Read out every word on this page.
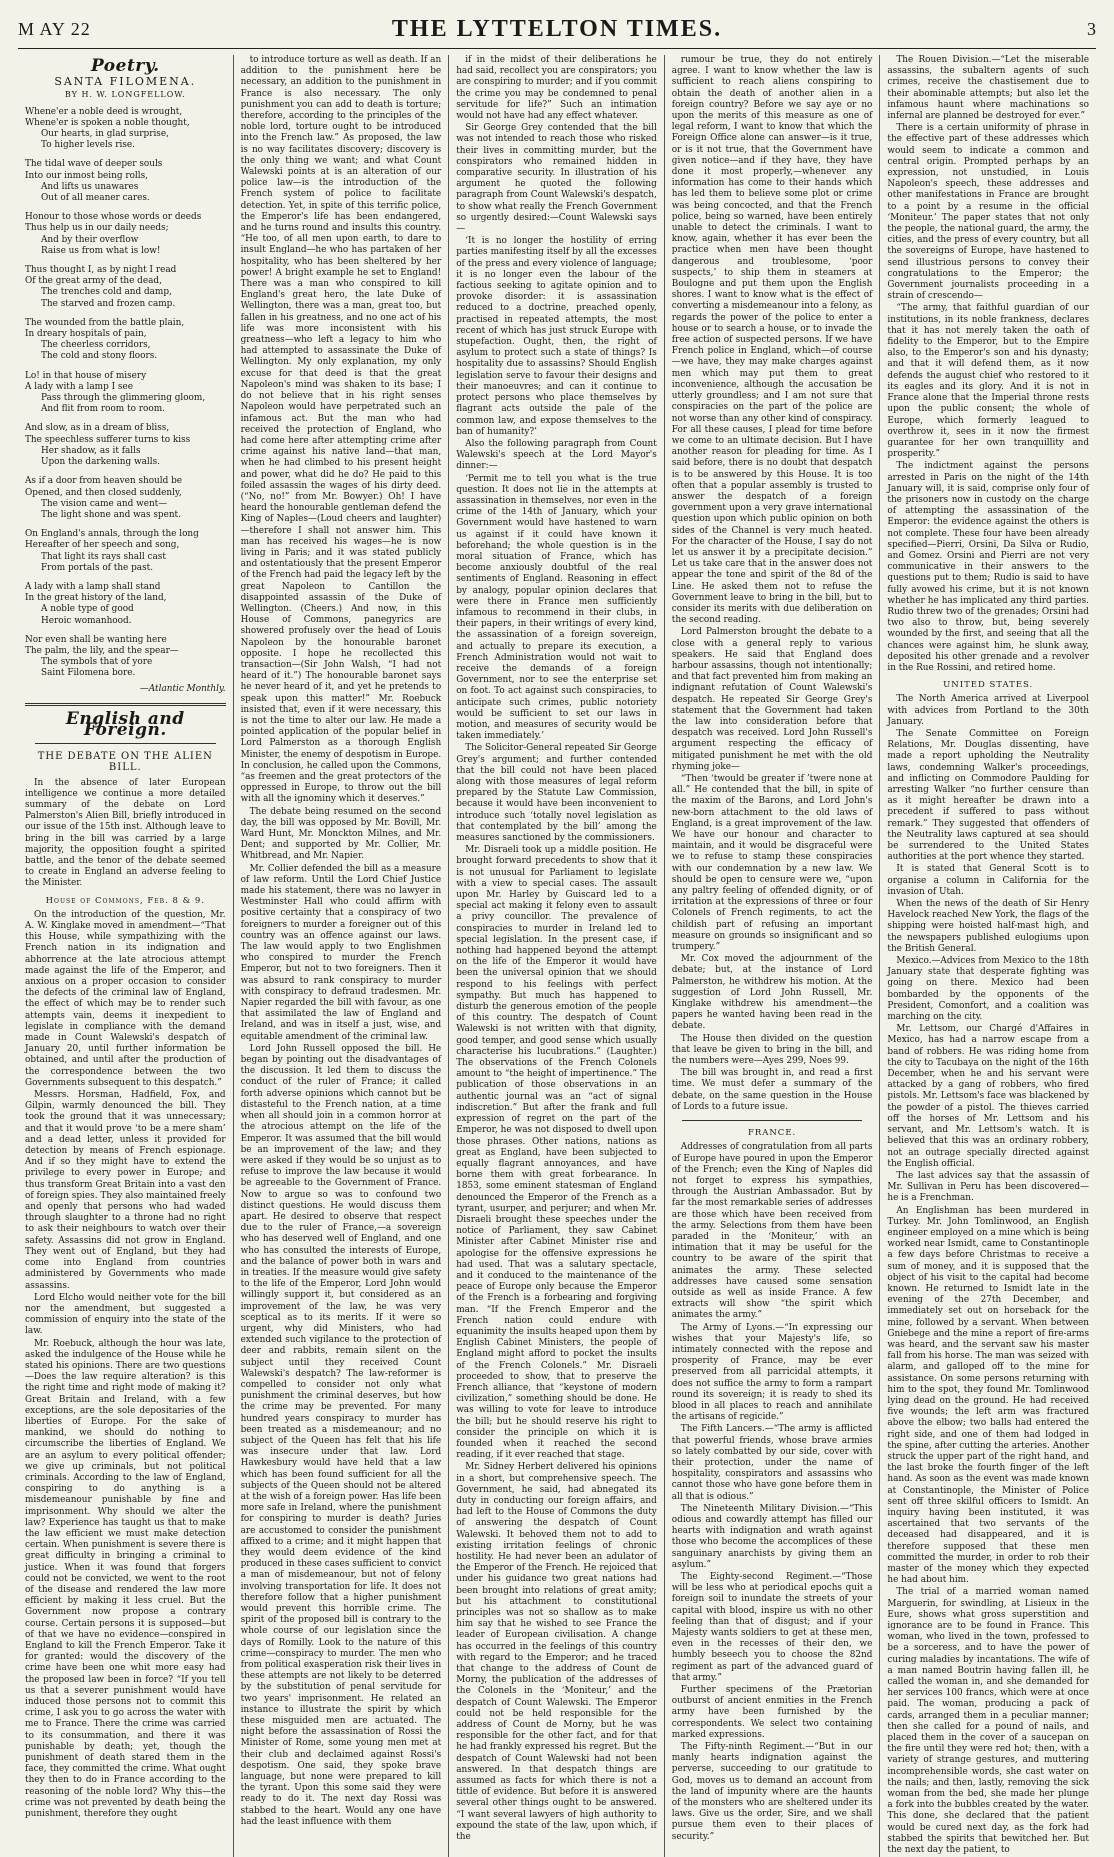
M AY 22	THE LYTTELTON TIMES.	3
Poetry.
SANTA FILOMENA.
BY H. W. LONGFELLOW.
Whene'er a noble deed is wrought,
Whene'er is spoken a noble thought,
Our hearts, in glad surprise,
To higher levels rise.
The tidal wave of deeper souls
Into our inmost being rolls,
And lifts us unawares
Out of all meaner cares.
Honour to those whose words or deeds
Thus help us in our daily needs;
And by their overflow
Raise us from what is low!
Thus thought I, as by night I read
Of the great army of the dead,
The trenches cold and damp,
The starved and frozen camp.
The wounded from the battle plain,
In dreary hospitals of pain,
The cheerless corridors,
The cold and stony floors.
Lo! in that house of misery
A lady with a lamp I see
Pass through the glimmering gloom,
And flit from room to room.
And slow, as in a dream of bliss,
The speechless sufferer turns to kiss
Her shadow, as it falls
Upon the darkening walls.
As if a door from heaven should be
Opened, and then closed suddenly,
The vision came and went—
The light shone and was spent.
On England's annals, through the long
Hereafter of her speech and song,
That light its rays shall cast
From portals of the past.
A lady with a lamp shall stand
In the great history of the land,
A noble type of good
Heroic womanhood.
Nor even shall be wanting here
The palm, the lily, and the spear—
The symbols that of yore
Saint Filomena bore.
—Atlantic Monthly.
English and Foreign.
THE DEBATE ON THE ALIEN BILL.

In the absence of later European intelligence we continue a more detailed summary of the debate on Lord Palmerston's Alien Bill, briefly introduced in our issue of the 15th inst. Although leave to bring in the bill was carried by a large majority, the opposition fought a spirited battle, and the tenor of the debate seemed to create in England an adverse feeling to the Minister.

House of Commons, Feb. 8 & 9.

On the introduction of the question, Mr. A. W. Kinglake moved in amendment—“That this House, while sympathizing with the French nation in its indignation and abhorrence at the late atrocious attempt made against the life of the Emperor, and anxious on a proper occasion to consider the defects of the criminal law of England, the effect of which may be to render such attempts vain, deems it inexpedient to legislate in compliance with the demand made in Count Walewski's despatch of January 20, until further information be obtained, and until after the production of the correspondence between the two Governments subsequent to this despatch.”

Messrs. Horsman, Hadfield, Fox, and Gilpin, warmly denounced the bill. They took the ground that it was unnecessary; and that it would prove ‘to be a mere sham’ and a dead letter, unless it provided for detection by means of French espionage. And if so they might have to extend the privilege to every power in Europe; and thus transform Great Britain into a vast den of foreign spies. They also maintained freely and openly that persons who had waded through slaughter to a throne had no right to ask their neighbours to watch over their safety. Assassins did not grow in England. They went out of England, but they had come into England from countries administered by Governments who made assassins.

Lord Elcho would neither vote for the bill nor the amendment, but suggested a commission of enquiry into the state of the law.

Mr. Roebuck, although the hour was late, asked the indulgence of the House while he stated his opinions. There are two questions—Does the law require alteration? is this the right time and right mode of making it? Great Britain and Ireland, with a few exceptions, are the sole depositaries of the liberties of Europe. For the sake of mankind, we should do nothing to circumscribe the liberties of England. We are an asylum to every political offender; we give up criminals, but not political criminals. According to the law of England, conspiring to do anything is a misdemeanour punishable by fine and imprisonment. Why should we alter the law? Experience has taught us that to make the law efficient we must make detection certain. When punishment is severe there is great difficulty in bringing a criminal to justice. When it was found that forgers could not be convicted, we went to the root of the disease and rendered the law more efficient by making it less cruel. But the Government now propose a contrary course. Certain persons it is supposed—but of that we have no evidence—conspired in England to kill the French Emperor. Take it for granted: would the discovery of the crime have been one whit more easy had the proposed law been in force? “If you tell us that a severer punishment would have induced those persons not to commit this crime, I ask you to go across the water with me to France. There the crime was carried to its consummation, and there it was punishable by death; yet, though the punishment of death stared them in the face, they committed the crime. What ought they then to do in France according to the reasoning of the noble lord? Why this—the crime was not prevented by death being the punishment, therefore they ought

to introduce torture as well as death. If an addition to the punishment here be necessary, an addition to the punishment in France is also necessary. The only punishment you can add to death is torture; therefore, according to the principles of the noble lord, torture ought to be introduced into the French law.” As proposed, the law is no way facilitates discovery; discovery is the only thing we want; and what Count Walewski points at is an alteration of our police law—is the introduction of the French system of police to facilitate detection. Yet, in spite of this terrific police, the Emperor's life has been endangered, and he turns round and insults this country. “He too, of all men upon earth, to dare to insult England—he who has partaken of her hospitality, who has been sheltered by her power! A bright example he set to England! There was a man who conspired to kill England's great hero, the late Duke of Wellington, there was a man, great too, but fallen in his greatness, and no one act of his life was more inconsistent with his greatness—who left a legacy to him who had attempted to assassinate the Duke of Wellington. My only explanation, my only excuse for that deed is that the great Napoleon's mind was shaken to its base; I do not believe that in his right senses Napoleon would have perpetrated such an infamous act. But the man who had received the protection of England, who had come here after attempting crime after crime against his native land—that man, when he had climbed to his present height and power, what did he do? He paid to this foiled assassin the wages of his dirty deed. (“No, no!” from Mr. Bowyer.) Oh! I have heard the honourable gentleman defend the King of Naples—(Loud cheers and laughter)—therefore I shall not answer him. This man has received his wages—he is now living in Paris; and it was stated publicly and ostentatiously that the present Emperor of the French had paid the legacy left by the great Napoleon to Cantillon the disappointed assassin of the Duke of Wellington. (Cheers.) And now, in this House of Commons, panegyrics are showered profusely over the head of Louis Napoleon by the honourable baronet opposite. I hope he recollected this transaction—(Sir John Walsh, “I had not heard of it.”) The honourable baronet says he never heard of it, and yet he pretends to speak upon this matter!” Mr. Roebuck insisted that, even if it were necessary, this is not the time to alter our law. He made a pointed application of the popular belief in Lord Palmerston as a thorough English Minister, the enemy of despotism in Europe. In conclusion, he called upon the Commons, “as freemen and the great protectors of the oppressed in Europe, to throw out the bill with all the ignominy which it deserves.”

The debate being resumed on the second day, the bill was opposed by Mr. Bovill, Mr. Ward Hunt, Mr. Monckton Milnes, and Mr. Dent; and supported by Mr. Collier, Mr. Whitbread, and Mr. Napier.

Mr. Collier defended the bill as a measure of law reform. Until the Lord Chief Justice made his statement, there was no lawyer in Westminster Hall who could affirm with positive certainty that a conspiracy of two foreigners to murder a foreigner out of this country was an offence against our laws. The law would apply to two Englishmen who conspired to murder the French Emperor, but not to two foreigners. Then it was absurd to rank conspiracy to murder with conspiracy to defraud tradesmen. Mr. Napier regarded the bill with favour, as one that assimilated the law of England and Ireland, and was in itself a just, wise, and equitable amendment of the criminal law.

Lord John Russell opposed the bill. He began by pointing out the disadvantages of the discussion. It led them to discuss the conduct of the ruler of France; it called forth adverse opinions which cannot but be distasteful to the French nation, at a time when all should join in a common horror at the atrocious attempt on the life of the Emperor. It was assumed that the bill would be an improvement of the law; and they were asked if they would be so unjust as to refuse to improve the law because it would be agreeable to the Government of France. Now to argue so was to confound two distinct questions. He would discuss them apart. He desired to observe that respect due to the ruler of France,—a sovereign who has deserved well of England, and one who has consulted the interests of Europe, and the balance of power both in wars and in treaties. If the measure would give safety to the life of the Emperor, Lord John would willingly support it, but considered as an improvement of the law, he was very sceptical as to its merits. If it were so urgent, why did Ministers, who had extended such vigilance to the protection of deer and rabbits, remain silent on the subject until they received Count Walewski's despatch? The law-reformer is compelled to consider not only what punishment the criminal deserves, but how the crime may be prevented. For many hundred years conspiracy to murder has been treated as a misdemeanour; and no subject of the Queen has felt that his life was insecure under that law. Lord Hawkesbury would have held that a law which has been found sufficient for all the subjects of the Queen should not be altered at the wish of a foreign power. Has life been more safe in Ireland, where the punishment for conspiring to murder is death? Juries are accustomed to consider the punishment affixed to a crime; and it might happen that they would deem evidence of the kind produced in these cases sufficient to convict a man of misdemeanour, but not of felony involving transportation for life. It does not therefore follow that a higher punishment would prevent this horrible crime. The spirit of the proposed bill is contrary to the whole course of our legislation since the days of Romilly. Look to the nature of this crime—conspiracy to murder. The men who from political exasperation risk their lives in these attempts are not likely to be deterred by the substitution of penal servitude for two years' imprisonment. He related an instance to illustrate the spirit by which these misguided men are actuated. The night before the assassination of Rossi the Minister of Rome, some young men met at their club and declaimed against Rossi's despotism. One said, they spoke brave language, but none were prepared to kill the tyrant. Upon this some said they were ready to do it. The next day Rossi was stabbed to the heart. Would any one have had the least influence with them

if in the midst of their deliberations he had said, recollect you are conspirators; you are conspiring to murder; and if you commit the crime you may be condemned to penal servitude for life?” Such an intimation would not have had any effect whatever.

Sir George Grey contended that the bill was not intended to reach those who risked their lives in committing murder, but the conspirators who remained hidden in comparative security. In illustration of his argument he quoted the following paragraph from Count Walewski's despatch, to show what really the French Government so urgently desired:—Count Walewski says—

‘It is no longer the hostility of erring parties manifesting itself by all the excesses of the press and every violence of language; it is no longer even the labour of the factious seeking to agitate opinion and to provoke disorder: it is assassination reduced to a doctrine, preached openly, practised in repeated attempts, the most recent of which has just struck Europe with stupefaction. Ought, then, the right of asylum to protect such a state of things? Is hospitality due to assassins? Should English legislation serve to favour their designs and their manoeuvres; and can it continue to protect persons who place themselves by flagrant acts outside the pale of the common law, and expose themselves to the ban of humanity?’

Also the following paragraph from Count Walewski's speech at the Lord Mayor's dinner:—

‘Permit me to tell you what is the true question. It does not lie in the attempts at assassination in themselves, nor even in the crime of the 14th of January, which your Government would have hastened to warn us against if it could have known it beforehand; the whole question is in the moral situation of France, which has become anxiously doubtful of the real sentiments of England. Reasoning in effect by analogy, popular opinion declares that were there in France men sufficiently infamous to recommend in their clubs, in their papers, in their writings of every kind, the assassination of a foreign sovereign, and actually to prepare its execution, a French Administration would not wait to receive the demands of a foreign Government, nor to see the enterprise set on foot. To act against such conspiracies, to anticipate such crimes, public notoriety would be sufficient to set our laws in motion, and measures of security would be taken immediately.’

The Solicitor-General repeated Sir George Grey's argument; and further contended that the bill could not have been placed along with those measures of legal reform prepared by the Statute Law Commission, because it would have been inconvenient to introduce such ‘totally novel legislation as that contemplated by the bill’ among the measures sanctioned by the commissioners.

Mr. Disraeli took up a middle position. He brought forward precedents to show that it is not unusual for Parliament to legislate with a view to special cases. The assault upon Mr. Harley by Guiscard led to a special act making it felony even to assault a privy councillor. The prevalence of conspiracies to murder in Ireland led to special legislation. In the present case, if nothing had happened beyond the attempt on the life of the Emperor it would have been the universal opinion that we should respond to his feelings with perfect sympathy. But much has happened to disturb the generous emotion of the people of this country. The despatch of Count Walewski is not written with that dignity, good temper, and good sense which usually characterise his lucubrations.” (Laughter.) The observations of the French Colonels amount to “the height of impertinence.” The publication of those observations in an authentic journal was an “act of signal indiscretion.” But after the frank and full expression of regret on the part of the Emperor, he was not disposed to dwell upon those phrases. Other nations, nations as great as England, have been subjected to equally flagrant annoyances, and have borne them with great forbearance. In 1853, some eminent statesman of England denounced the Emperor of the French as a tyrant, usurper, and perjurer; and when Mr. Disraeli brought these speeches under the notice of Parliament, they saw Cabinet Minister after Cabinet Minister rise and apologise for the offensive expressions he had used. That was a salutary spectacle, and it conduced to the maintenance of the peace of Europe only because the Emperor of the French is a forbearing and forgiving man. “If the French Emperor and the French nation could endure with equanimity the insults heaped upon them by English Cabinet Ministers, the people of England might afford to pocket the insults of the French Colonels.” Mr. Disraeli proceeded to show, that to preserve the French alliance, that “keystone of modern civilization,” something should be done. He was willing to vote for leave to introduce the bill; but he should reserve his right to consider the principle on which it is founded when it reached the second reading, if it ever reached that stage.

Mr. Sidney Herbert delivered his opinions in a short, but comprehensive speech. The Government, he said, had abnegated its duty in conducting our foreign affairs, and had left to the House of Commons the duty of answering the despatch of Count Walewski. It behoved them not to add to existing irritation feelings of chronic hostility. He had never been an adulator of the Emperor of the French. He rejoiced that under his guidance two great nations had been brought into relations of great amity; but his attachment to constitutional principles was not so shallow as to make him say that he wished to see France the leader of European civilisation. A change has occurred in the feelings of this country with regard to the Emperor; and he traced that change to the address of Count de Morny, the publication of the addresses of the Colonels in the ‘Moniteur,’ and the despatch of Count Walewski. The Emperor could not be held responsible for the address of Count de Morny, but he was responsible for the other fact, and for that he had frankly expressed his regret. But the despatch of Count Walewski had not been answered. In that despatch things are assumed as facts for which there is not a tittle of evidence. But before it is answered several other things ought to be answered. “I want several lawyers of high authority to expound the state of the law, upon which, if the

rumour be true, they do not entirely agree. I want to know whether the law is sufficient to reach aliens conspiring to obtain the death of another alien in a foreign country? Before we say aye or no upon the merits of this measure as one of legal reform, I want to know that which the Foreign Office alone can answer—is it true, or is it not true, that the Government have given notice—and if they have, they have done it most properly,—whenever any information has come to their hands which has led them to believe some plot or crime was being concocted, and that the French police, being so warned, have been entirely unable to detect the criminals. I want to know, again, whether it has ever been the practice when men have been thought dangerous and troublesome, ‘poor suspects,’ to ship them in steamers at Boulogne and put them upon the English shores. I want to know what is the effect of converting a misdemeanour into a felony, as regards the power of the police to enter a house or to search a house, or to invade the free action of suspected persons. If we have French police in England, which—of course—we have, they may make charges against men which may put them to great inconvenience, although the accusation be utterly groundless; and I am not sure that conspiracies on the part of the police are not worse than any other kind of conspiracy. For all these causes, I plead for time before we come to an ultimate decision. But I have another reason for pleading for time. As I said before, there is no doubt that despatch is to be answered by this House. It is too often that a popular assembly is trusted to answer the despatch of a foreign government upon a very grave international question upon which public opinion on both sides of the Channel is very much heated. For the character of the House, I say do not let us answer it by a precipitate decision.” Let us take care that in the answer does not appear the tone and spirit of the 8d of the Line. He asked them not to refuse the Government leave to bring in the bill, but to consider its merits with due deliberation on the second reading.

Lord Palmerston brought the debate to a close with a general reply to various speakers. He said that England does harbour assassins, though not intentionally; and that fact prevented him from making an indignant refutation of Count Walewski's despatch. He repeated Sir George Grey's statement that the Government had taken the law into consideration before that despatch was received. Lord John Russell's argument respecting the efficacy of mitigated punishment he met with the old rhyming joke—

“Then ‘twould be greater if ’twere none at all.” He contended that the bill, in spite of the maxim of the Barons, and Lord John's new-born attachment to the old laws of England, is a great improvement of the law. We have our honour and character to maintain, and it would be disgraceful were we to refuse to stamp these conspiracies with our condemnation by a new law. We should be open to censure were we, “upon any paltry feeling of offended dignity, or of irritation at the expressions of three or four Colonels of French regiments, to act the childish part of refusing an important measure on grounds so insignificant and so trumpery.”

Mr. Cox moved the adjournment of the debate; but, at the instance of Lord Palmerston, he withdrew his motion. At the suggestion of Lord John Russell, Mr. Kinglake withdrew his amendment—the papers he wanted having been read in the debate.

The House then divided on the question that leave be given to bring in the bill, and the numbers were—Ayes 299, Noes 99.

The bill was brought in, and read a first time. We must defer a summary of the debate, on the same question in the House of Lords to a future issue.

FRANCE.

Addresses of congratulation from all parts of Europe have poured in upon the Emperor of the French; even the King of Naples did not forget to express his sympathies, through the Austrian Ambassador. But by far the most remarkable series of addresses are those which have been received from the army. Selections from them have been paraded in the ‘Moniteur,’ with an intimation that it may be useful for the country to be aware of the spirit that animates the army. These selected addresses have caused some sensation outside as well as inside France. A few extracts will show “the spirit which animates the army.”

The Army of Lyons.—“In expressing our wishes that your Majesty's life, so intimately connected with the repose and prosperity of France, may be ever preserved from all parricidal attempts, it does not suffice the army to form a rampart round its sovereign; it is ready to shed its blood in all places to reach and annihilate the artisans of regicide.”

The Fifth Lancers.—“The army is afflicted that powerful friends, whose brave armies so lately combatted by our side, cover with their protection, under the name of hospitality, conspirators and assassins who cannot those who have gone before them in all that is odious.”

The Nineteenth Military Division.—“This odious and cowardly attempt has filled our hearts with indignation and wrath against those who become the accomplices of these sanguinary anarchists by giving them an asylum.”

The Eighty-second Regiment.—“Those will be less who at periodical epochs quit a foreign soil to inundate the streets of your capital with blood, inspire us with no other feeling than that of disgust; and if your Majesty wants soldiers to get at these men, even in the recesses of their den, we humbly beseech you to choose the 82nd regiment as part of the advanced guard of that army.”

Further specimens of the Prætorian outburst of ancient enmities in the French army have been furnished by the correspondents. We select two containing marked expressions.

The Fifty-ninth Regiment.—“But in our manly hearts indignation against the perverse, succeeding to our gratitude to God, moves us to demand an account from the land of impunity where are the haunts of the monsters who are sheltered under its laws. Give us the order, Sire, and we shall pursue them even to their places of security.”

The Rouen Division.—“Let the miserable assassins, the subaltern agents of such crimes, receive the chastisement due to their abominable attempts; but also let the infamous haunt where machinations so infernal are planned be destroyed for ever.”

There is a certain uniformity of phrase in the effective part of these addresses which would seem to indicate a common and central origin. Prompted perhaps by an expression, not unstudied, in Louis Napoleon's speech, these addresses and other manifestations in France are brought to a point by a resume in the official ‘Moniteur.’ The paper states that not only the people, the national guard, the army, the cities, and the press of every country, but all the sovereigns of Europe, have hastened to send illustrious persons to convey their congratulations to the Emperor; the Government journalists proceeding in a strain of crescendo—

“The army, that faithful guardian of our institutions, in its noble frankness, declares that it has not merely taken the oath of fidelity to the Emperor, but to the Empire also, to the Emperor's son and his dynasty; and that it will defend them, as it now defends the august chief who restored to it its eagles and its glory. And it is not in France alone that the Imperial throne rests upon the public consent; the whole of Europe, which formerly leagued to overthrow it, sees in it now the firmest guarantee for her own tranquillity and prosperity.”

The indictment against the persons arrested in Paris on the night of the 14th January will, it is said, comprise only four of the prisoners now in custody on the charge of attempting the assassination of the Emperor: the evidence against the others is not complete. These four have been already specified—Pierri, Orsini, Da Silva or Rudio, and Gomez. Orsini and Pierri are not very communicative in their answers to the questions put to them; Rudio is said to have fully avowed his crime, but it is not known whether he has implicated any third parties. Rudio threw two of the grenades; Orsini had two also to throw, but, being severely wounded by the first, and seeing that all the chances were against him, he slunk away, deposited his other grenade and a revolver in the Rue Rossini, and retired home.

UNITED STATES.

The North America arrived at Liverpool with advices from Portland to the 30th January.

The Senate Committee on Foreign Relations, Mr. Douglas dissenting, have made a report upholding the Neutrality laws, condemning Walker's proceedings, and inflicting on Commodore Paulding for arresting Walker “no further censure than as it might hereafter be drawn into a precedent if suffered to pass without remark.” They suggested that offenders of the Neutrality laws captured at sea should be surrendered to the United States authorities at the port whence they started.

It is stated that General Scott is to organise a column in California for the invasion of Utah.

When the news of the death of Sir Henry Havelock reached New York, the flags of the shipping were hoisted half-mast high, and the newspapers published eulogiums upon the British General.

Mexico.—Advices from Mexico to the 18th January state that desperate fighting was going on there. Mexico had been bombarded by the opponents of the President, Comonfort, and a coalition was marching on the city.

Mr. Lettsom, our Chargé d'Affaires in Mexico, has had a narrow escape from a band of robbers. He was riding home from the city to Tacubaya on the night of the 16th December, when he and his servant were attacked by a gang of robbers, who fired pistols. Mr. Lettsom's face was blackened by the powder of a pistol. The thieves carried off the horses of Mr. Lettsom and his servant, and Mr. Lettsom's watch. It is believed that this was an ordinary robbery, not an outrage specially directed against the English official.

The last advices say that the assassin of Mr. Sullivan in Peru has been discovered—he is a Frenchman.

An Englishman has been murdered in Turkey. Mr. John Tomlinwood, an English engineer employed on a mine which is being worked near Ismidt, came to Constantinople a few days before Christmas to receive a sum of money, and it is supposed that the object of his visit to the capital had become known. He returned to Ismidt late in the evening of the 27th December, and immediately set out on horseback for the mine, followed by a servant. When between Gniebege and the mine a report of fire-arms was heard, and the servant saw his master fall from his horse. The man was seized with alarm, and galloped off to the mine for assistance. On some persons returning with him to the spot, they found Mr. Tomlinwood lying dead on the ground. He had received five wounds; the left arm was fractured above the elbow; two balls had entered the right side, and one of them had lodged in the spine, after cutting the arteries. Another struck the upper part of the right hand, and the last broke the fourth finger of the left hand. As soon as the event was made known at Constantinople, the Minister of Police sent off three skilful officers to Ismidt. An inquiry having been instituted, it was ascertained that two servants of the deceased had disappeared, and it is therefore supposed that these men committed the murder, in order to rob their master of the money which they expected he had about him.

The trial of a married woman named Marguerin, for swindling, at Lisieux in the Eure, shows what gross superstition and ignorance are to be found in France. This woman, who lived in the town, professed to be a sorceress, and to have the power of curing maladies by incantations. The wife of a man named Boutrin having fallen ill, he called the woman in, and she demanded for her services 100 francs, which were at once paid. The woman, producing a pack of cards, arranged them in a peculiar manner; then she called for a pound of nails, and placed them in the cover of a saucepan on the fire until they were red hot; then, with a variety of strange gestures, and muttering incomprehensible words, she cast water on the nails; and then, lastly, removing the sick woman from the bed, she made her plunge a fork into the bubbles created by the water. This done, she declared that the patient would be cured next day, as the fork had stabbed the spirits that bewitched her. But the next day the patient, to
